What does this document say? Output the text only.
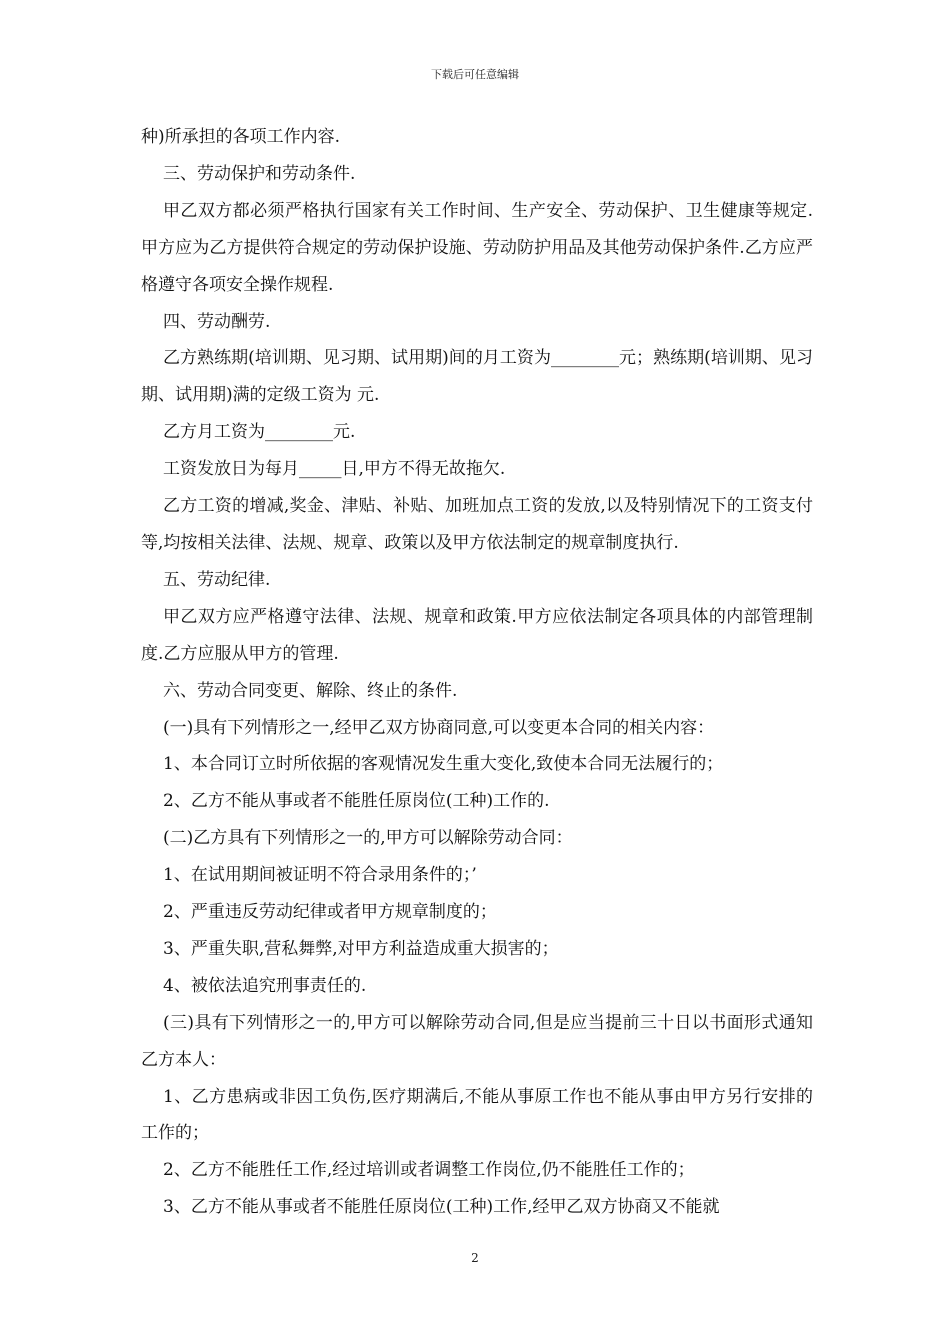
下载后可任意编辑

种)所承担的各项工作内容.

三、劳动保护和劳动条件.

甲乙双方都必须严格执行国家有关工作时间、生产安全、劳动保护、卫生健康等规定.甲方应为乙方提供符合规定的劳动保护设施、劳动防护用品及其他劳动保护条件.乙方应严格遵守各项安全操作规程.

四、劳动酬劳.

乙方熟练期(培训期、见习期、试用期)间的月工资为________元；熟练期(培训期、见习期、试用期)满的定级工资为 元.

乙方月工资为________元.

工资发放日为每月_____日,甲方不得无故拖欠.

乙方工资的增减,奖金、津贴、补贴、加班加点工资的发放,以及特别情况下的工资支付等,均按相关法律、法规、规章、政策以及甲方依法制定的规章制度执行.

五、劳动纪律.

甲乙双方应严格遵守法律、法规、规章和政策.甲方应依法制定各项具体的内部管理制度.乙方应服从甲方的管理.

六、劳动合同变更、解除、终止的条件.

(一)具有下列情形之一,经甲乙双方协商同意,可以变更本合同的相关内容：

1、本合同订立时所依据的客观情况发生重大变化,致使本合同无法履行的；

2、乙方不能从事或者不能胜任原岗位(工种)工作的.

(二)乙方具有下列情形之一的,甲方可以解除劳动合同：

1、在试用期间被证明不符合录用条件的；’

2、严重违反劳动纪律或者甲方规章制度的；

3、严重失职,营私舞弊,对甲方利益造成重大损害的；

4、被依法追究刑事责任的.

(三)具有下列情形之一的,甲方可以解除劳动合同,但是应当提前三十日以书面形式通知乙方本人：

1、乙方患病或非因工负伤,医疗期满后,不能从事原工作也不能从事由甲方另行安排的工作的；

2、乙方不能胜任工作,经过培训或者调整工作岗位,仍不能胜任工作的；

3、乙方不能从事或者不能胜任原岗位(工种)工作,经甲乙双方协商又不能就

2
